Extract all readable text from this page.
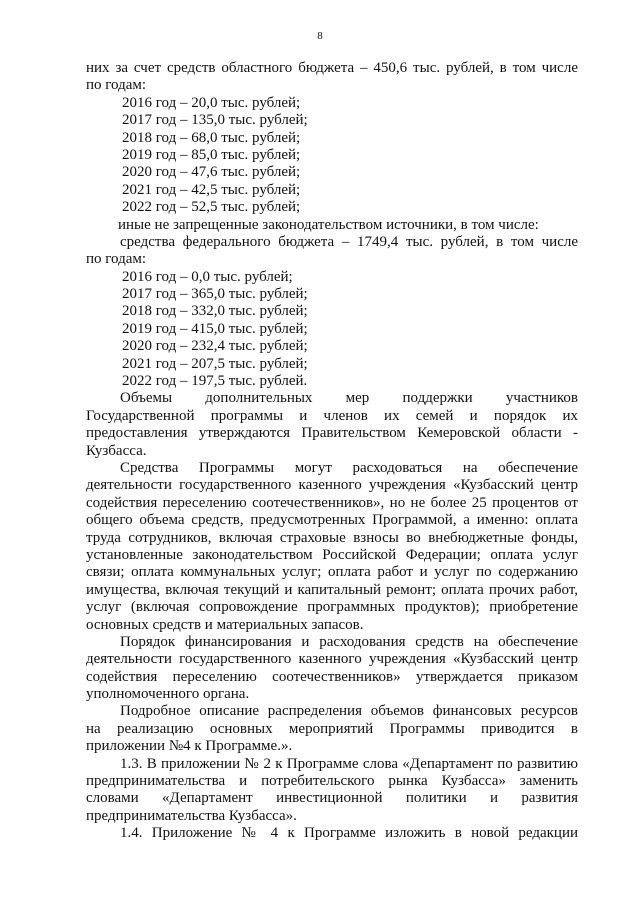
8
них за счет средств областного бюджета – 450,6 тыс. рублей, в том числе
по годам:
2016 год – 20,0 тыс. рублей;
2017 год – 135,0 тыс. рублей;
2018 год – 68,0 тыс. рублей;
2019 год – 85,0 тыс. рублей;
2020 год – 47,6 тыс. рублей;
2021 год – 42,5 тыс. рублей;
2022 год – 52,5 тыс. рублей;
иные не запрещенные законодательством источники, в том числе:
средства федерального бюджета – 1749,4 тыс. рублей, в том числе
по годам:
2016 год – 0,0 тыс. рублей;
2017 год – 365,0 тыс. рублей;
2018 год – 332,0 тыс. рублей;
2019 год – 415,0 тыс. рублей;
2020 год – 232,4 тыс. рублей;
2021 год – 207,5 тыс. рублей;
2022 год – 197,5 тыс. рублей.
Объемы дополнительных мер поддержки участников
Государственной программы и членов их семей и порядок их
предоставления утверждаются Правительством Кемеровской области -
Кузбасса.
Средства Программы могут расходоваться на обеспечение
деятельности государственного казенного учреждения «Кузбасский центр
содействия переселению соотечественников», но не более 25 процентов от
общего объема средств, предусмотренных Программой, а именно: оплата
труда сотрудников, включая страховые взносы во внебюджетные фонды,
установленные законодательством Российской Федерации; оплата услуг
связи; оплата коммунальных услуг; оплата работ и услуг по содержанию
имущества, включая текущий и капитальный ремонт; оплата прочих работ,
услуг (включая сопровождение программных продуктов); приобретение
основных средств и материальных запасов.
Порядок финансирования и расходования средств на обеспечение
деятельности государственного казенного учреждения «Кузбасский центр
содействия переселению соотечественников» утверждается приказом
уполномоченного органа.
Подробное описание распределения объемов финансовых ресурсов
на реализацию основных мероприятий Программы приводится в
приложении №4 к Программе.».
1.3. В приложении № 2 к Программе слова «Департамент по развитию
предпринимательства и потребительского рынка Кузбасса» заменить
словами «Департамент инвестиционной политики и развития
предпринимательства Кузбасса».
1.4. Приложение № 4 к Программе изложить в новой редакции
